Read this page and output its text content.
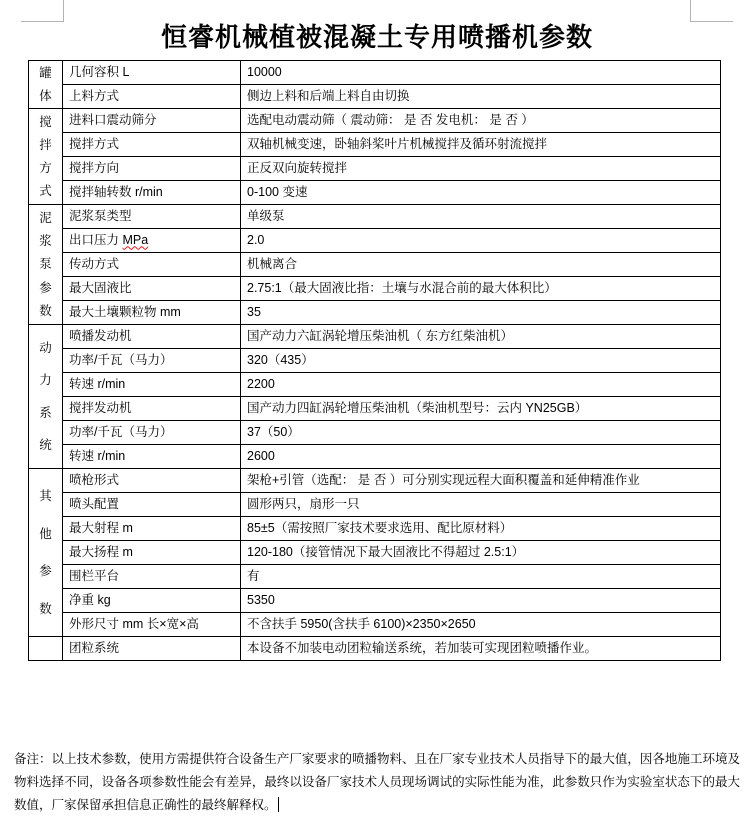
恒睿机械植被混凝土专用喷播机参数
罐
体	几何容积 L	10000
	上料方式	侧边上料和后端上料自由切换

搅
拌
方
式	进料口震动筛分	选配电动震动筛（ 震动筛： 是 否 发电机： 是 否 ）
	搅拌方式	双轴机械变速，卧轴斜桨叶片机械搅拌及循环射流搅拌
	搅拌方向	正反双向旋转搅拌
	搅拌轴转数 r/min	0-100 变速

泥
浆
泵
参
数	泥浆泵类型	单级泵
	出口压力 MPa	2.0
	传动方式	机械离合
	最大固液比	2.75:1（最大固液比指：土壤与水混合前的最大体积比）
	最大土壤颗粒物 mm	35

动
力
系
统	喷播发动机	国产动力六缸涡轮增压柴油机（ 东方红柴油机）
	功率/千瓦（马力）	320（435）
	转速 r/min	2200
	搅拌发动机	国产动力四缸涡轮增压柴油机（柴油机型号：云内 YN25GB）
	功率/千瓦（马力）	37（50）
	转速 r/min	2600

其
他
参
数	喷枪形式	架枪+引管（选配： 是 否 ）可分别实现远程大面积覆盖和延伸精准作业
	喷头配置	圆形两只，扇形一只
	最大射程 m	85±5（需按照厂家技术要求选用、配比原材料）
	最大扬程 m	120-180（接管情况下最大固液比不得超过 2.5:1）
	围栏平台	有
	净重 kg	5350
	外形尺寸 mm 长×宽×高	不含扶手 5950(含扶手 6100)×2350×2650

	团粒系统	本设备不加装电动团粒输送系统，若加装可实现团粒喷播作业。
备注：以上技术参数，使用方需提供符合设备生产厂家要求的喷播物料、且在厂家专业技术人员指导下的最大值，因各地施工环境及物料选择不同，设备各项参数性能会有差异，最终以设备厂家技术人员现场调试的实际性能为准，此参数只作为实验室状态下的最大数值，厂家保留承担信息正确性的最终解释权。
